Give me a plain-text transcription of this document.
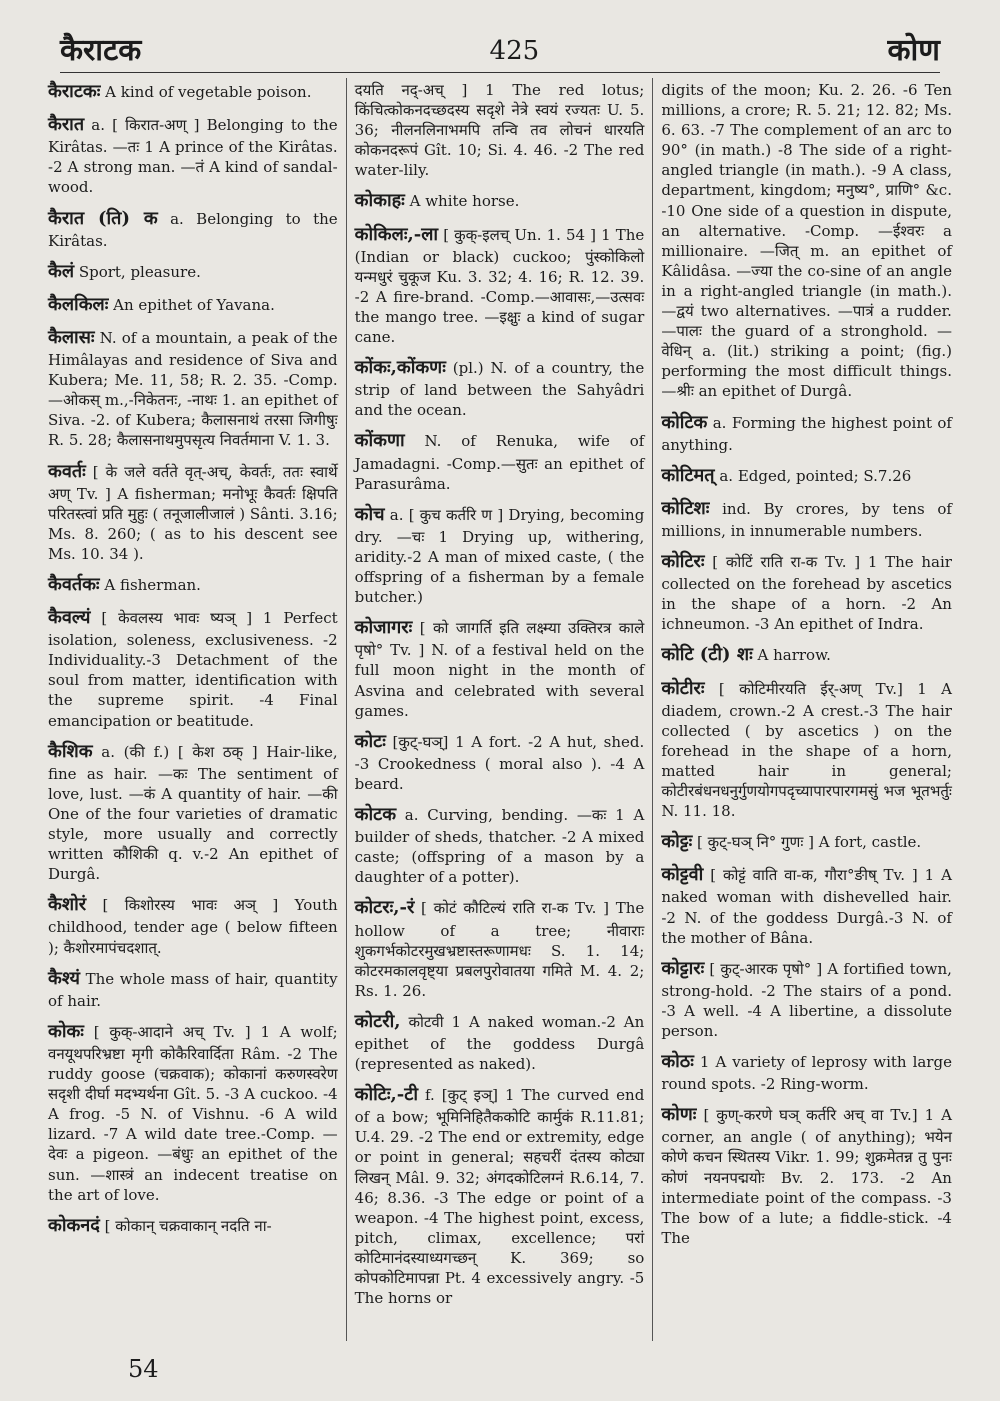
कैराटक	425	कोण

कैराटकः A kind of vegetable poison.

कैरात a. [ किरात-अण् ] Belonging to the Kirâtas. —तः 1 A prince of the Kirâtas. -2 A strong man. —तं A kind of sandal-wood.

कैरात (ति) क a. Belonging to the Kirâtas.

कैलं Sport, pleasure.

कैलकिलः An epithet of Yavana.

कैलासः N. of a mountain, a peak of the Himâlayas and residence of Siva and Kubera; Me. 11, 58; R. 2. 35. -Comp.—ओकस् m.,-निकेतनः, -नाथः 1. an epithet of Siva. -2. of Kubera; कैलासनाथं तरसा जिगीषुः R. 5. 28; कैलासनाथमुपसृत्य निवर्तमाना V. 1. 3.

कवर्तः [ के जले वर्तते वृत्-अच्, केवर्तः, ततः स्वार्थे अण् Tv. ] A fisherman; मनोभूः कैवर्तः क्षिपति परितस्त्वां प्रति मुहुः ( तनूजालीजालं ) Sânti. 3.16; Ms. 8. 260; ( as to his descent see Ms. 10. 34 ).

कैवर्तकः A fisherman.

कैवल्यं [ केवलस्य भावः ष्यञ् ] 1 Perfect isolation, soleness, exclusiveness. -2 Individuality.-3 Detachment of the soul from matter, identification with the supreme spirit. -4 Final emancipation or beatitude.

कैशिक a. (की f.) [ केश ठक् ] Hair-like, fine as hair. —कः The sentiment of love, lust. —कं A quantity of hair. —की One of the four varieties of dramatic style, more usually and correctly written कौशिकी q. v.-2 An epithet of Durgâ.

कैशोरं [ किशोरस्य भावः अञ् ] Youth childhood, tender age ( below fifteen ); कैशोरमापंचदशात्.

कैश्यं The whole mass of hair, quantity of hair.

कोकः [ कुक्-आदाने अच् Tv. ] 1 A wolf; वनयूथपरिभ्रष्टा मृगी कोकैरिवार्दिता Râm. -2 The ruddy goose (चक्रवाक); कोकानां करुणस्वरेण सदृशी दीर्घा मदभ्यर्थना Gît. 5. -3 A cuckoo. -4 A frog. -5 N. of Vishnu. -6 A wild lizard. -7 A wild date tree.-Comp. —देवः a pigeon. —बंधुः an epithet of the sun. —शास्त्रं an indecent treatise on the art of love.

कोकनदं [ कोकान् चक्रवाकान् नदति ना-

दयति नद्-अच् ] 1 The red lotus; किंचित्कोकनदच्छदस्य सदृशे नेत्रे स्वयं रज्यतः U. 5. 36; नीलनलिनाभमपि तन्वि तव लोचनं धारयति कोकनदरूपं Gît. 10; Si. 4. 46. -2 The red water-lily.

कोकाहः A white horse.

कोकिलः,-ला [ कुक्-इलच् Un. 1. 54 ] 1 The (Indian or black) cuckoo; पुंस्कोकिलो यन्मधुरं चुकूज Ku. 3. 32; 4. 16; R. 12. 39. -2 A fire-brand. -Comp.—आवासः,—उत्सवः the mango tree. —इक्षुः a kind of sugar cane.

कोंकः,कोंकणः (pl.) N. of a country, the strip of land between the Sahyâdri and the ocean.

कोंकणा N. of Renuka, wife of Jamadagni. -Comp.—सुतः an epithet of Parasurâma.

कोच a. [ कुच कर्तरि ण ] Drying, becoming dry. —चः 1 Drying up, withering, aridity.-2 A man of mixed caste, ( the offspring of a fisherman by a female butcher.)

कोजागरः [ को जागर्ति इति लक्ष्म्या उक्तिरत्र काले पृषो° Tv. ] N. of a festival held on the full moon night in the month of Asvina and celebrated with several games.

कोटः [कुट्-घञ्] 1 A fort. -2 A hut, shed. -3 Crookedness ( moral also ). -4 A beard.

कोटक a. Curving, bending. —कः 1 A builder of sheds, thatcher. -2 A mixed caste; (offspring of a mason by a daughter of a potter).

कोटरः,-रं [ कोटं कौटिल्यं राति रा-क Tv. ] The hollow of a tree; नीवाराः शुकगर्भकोटरमुखभ्रष्टास्तरूणामधः S. 1. 14; कोटरमकालवृष्ट्या प्रबलपुरोवातया गमिते M. 4. 2; Rs. 1. 26.

कोटरी, कोटवी 1 A naked woman.-2 An epithet of the goddess Durgâ (represented as naked).

कोटिः,-टी f. [कुट् इञ्] 1 The curved end of a bow; भूमिनिहितैककोटि कार्मुकं R.11.81; U.4. 29. -2 The end or extremity, edge or point in general; सहचरीं दंतस्य कोट्या लिखन् Mâl. 9. 32; अंगदकोटिलग्नं R.6.14, 7. 46; 8.36. -3 The edge or point of a weapon. -4 The highest point, excess, pitch, climax, excellence; परां कोटिमानंदस्याध्यगच्छन् K. 369; so कोपकोटिमापन्ना Pt. 4 excessively angry. -5 The horns or

digits of the moon; Ku. 2. 26. -6 Ten millions, a crore; R. 5. 21; 12. 82; Ms. 6. 63. -7 The complement of an arc to 90° (in math.) -8 The side of a right-angled triangle (in math.). -9 A class, department, kingdom; मनुष्य°, प्राणि° &c. -10 One side of a question in dispute, an alternative. -Comp. —ईश्वरः a millionaire. —जित् m. an epithet of Kâlidâsa. —ज्या the co-sine of an angle in a right-angled triangle (in math.). —द्वयं two alternatives. —पात्रं a rudder. —पालः the guard of a stronghold. —वेधिन् a. (lit.) striking a point; (fig.) performing the most difficult things. —श्रीः an epithet of Durgâ.

कोटिक a. Forming the highest point of anything.

कोटिमत् a. Edged, pointed; S.7.26

कोटिशः ind. By crores, by tens of millions, in innumerable numbers.

कोटिरः [ कोटिं राति रा-क Tv. ] 1 The hair collected on the forehead by ascetics in the shape of a horn. -2 An ichneumon. -3 An epithet of Indra.

कोटि (टी) शः A harrow.

कोटीरः [ कोटिमीरयति ईर्-अण् Tv.] 1 A diadem, crown.-2 A crest.-3 The hair collected ( by ascetics ) on the forehead in the shape of a horn, matted hair in general; कोटीरबंधनधनुर्गुणयोगपदृच्यापारपारगमसुं भज भूतभर्तुः N. 11. 18.

कोट्टः [ कुट्-घञ् नि° गुणः ] A fort, castle.

कोट्टवी [ कोट्टं वाति वा-क, गौरा°ङीष् Tv. ] 1 A naked woman with dishevelled hair. -2 N. of the goddess Durgâ.-3 N. of the mother of Bâna.

कोट्टारः [ कुट्-आरक पृषो° ] A fortified town, strong-hold. -2 The stairs of a pond. -3 A well. -4 A libertine, a dissolute person.

कोठः 1 A variety of leprosy with large round spots. -2 Ring-worm.

कोणः [ कुण्-करणे घञ् कर्तरि अच् वा Tv.] 1 A corner, an angle ( of anything); भयेन कोणे कचन स्थितस्य Vikr. 1. 99; शुक्रमेतन्न तु पुनः कोणं नयनपद्मयोः Bv. 2. 173. -2 An intermediate point of the compass. -3 The bow of a lute; a fiddle-stick. -4 The

54
